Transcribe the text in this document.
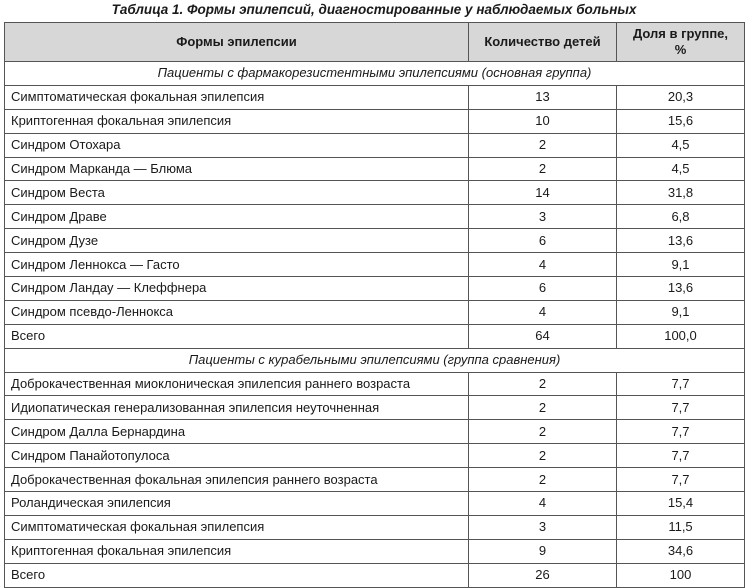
Таблица 1. Формы эпилепсий, диагностированные у наблюдаемых больных
Формы эпилепсии	Количество детей	Доля в группе,
%
Пациенты с фармакорезистентными эпилепсиями (основная группа)		
Симптоматическая фокальная эпилепсия	13	20,3
Криптогенная фокальная эпилепсия	10	15,6
Синдром Отохара	2	4,5
Синдром Марканда — Блюма	2	4,5
Синдром Веста	14	31,8
Синдром Драве	3	6,8
Синдром Дузе	6	13,6
Синдром Леннокса — Гасто	4	9,1
Синдром Ландау — Клеффнера	6	13,6
Синдром псевдо-Леннокса	4	9,1
Всего	64	100,0
Пациенты с курабельными эпилепсиями (группа сравнения)		
Доброкачественная миоклоническая эпилепсия раннего возраста	2	7,7
Идиопатическая генерализованная эпилепсия неуточненная	2	7,7
Синдром Далла Бернардина	2	7,7
Синдром Панайотопулоса	2	7,7
Доброкачественная фокальная эпилепсия раннего возраста	2	7,7
Роландическая эпилепсия	4	15,4
Симптоматическая фокальная эпилепсия	3	11,5
Криптогенная фокальная эпилепсия	9	34,6
Всего	26	100
